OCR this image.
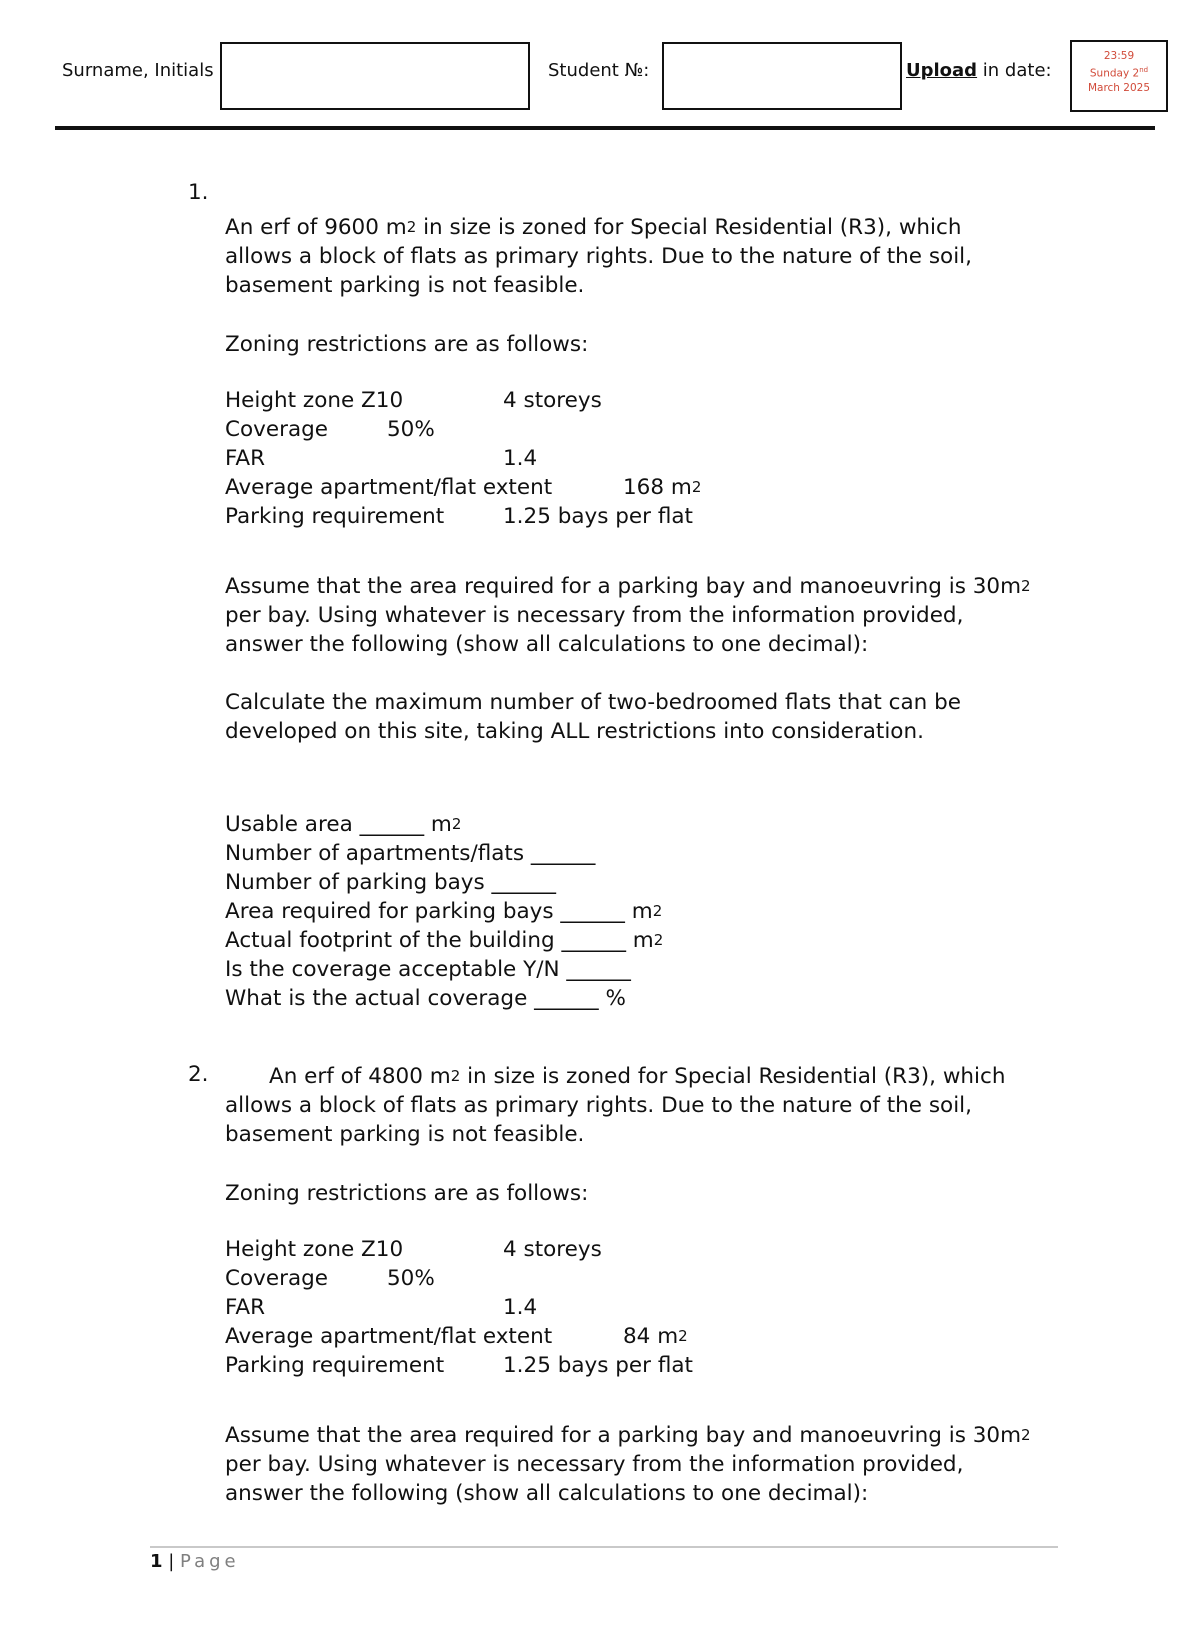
Surname, Initials	Student №:	Upload in date:
23:59
Sunday 2nd
March 2025
1.
An erf of 9600 $m^2$ in size is zoned for Special Residential (R3), which
allows a block of flats as primary rights. Due to the nature of the soil,
basement parking is not feasible.
Zoning restrictions are as follows:
Height zone Z10	4 storeys
Coverage	50%
FAR	1.4
Average apartment/flat extent	168 $m^2$
Parking requirement	1.25 bays per flat
Assume that the area required for a parking bay and manoeuvring is $30m^2$
per bay. Using whatever is necessary from the information provided,
answer the following (show all calculations to one decimal):
Calculate the maximum number of two-bedroomed flats that can be
developed on this site, taking ALL restrictions into consideration.
Usable area ______ $m^2$
Number of apartments/flats ______
Number of parking bays ______
Area required for parking bays ______ $m^2$
Actual footprint of the building ______ $m^2$
Is the coverage acceptable Y/N ______
What is the actual coverage ______ %
2.	An erf of 4800 $m^2$ in size is zoned for Special Residential (R3), which
allows a block of flats as primary rights. Due to the nature of the soil,
basement parking is not feasible.
Zoning restrictions are as follows:
Height zone Z10	4 storeys
Coverage	50%
FAR	1.4
Average apartment/flat extent	84 $m^2$
Parking requirement	1.25 bays per flat
Assume that the area required for a parking bay and manoeuvring is $30m^2$
per bay. Using whatever is necessary from the information provided,
answer the following (show all calculations to one decimal):
1 | Page
